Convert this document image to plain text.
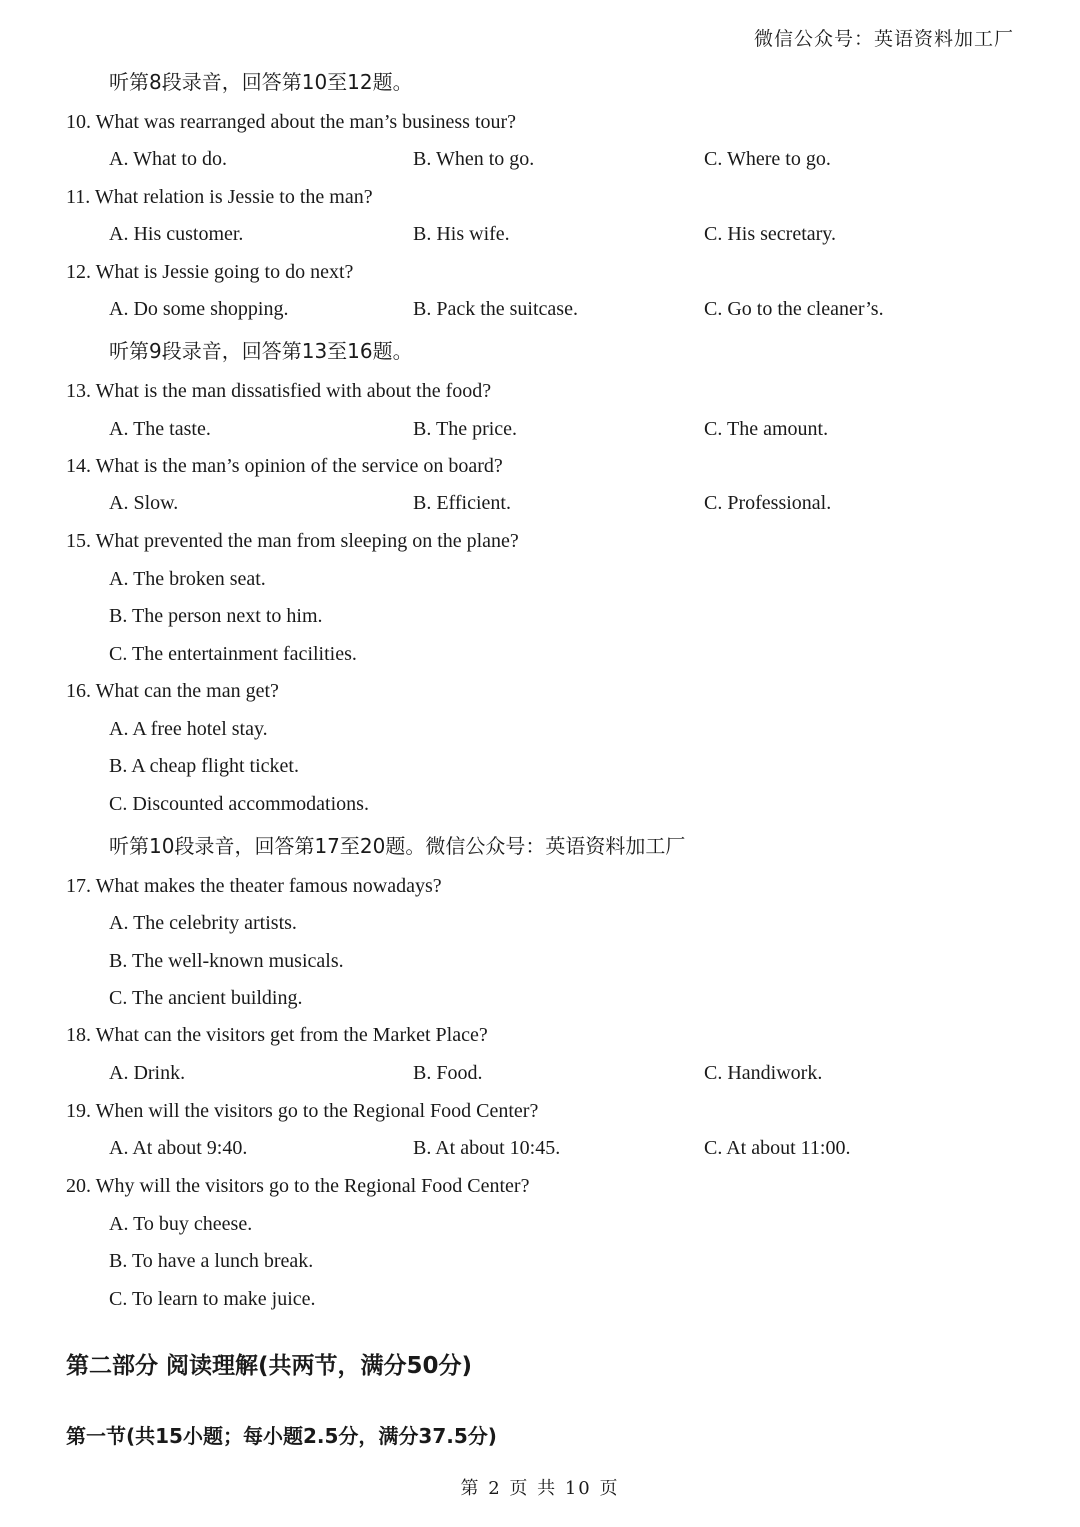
微信公众号：英语资料加工厂
听第8段录音，回答第10至12题。
10. What was rearranged about the man’s business tour?
A. What to do.	B. When to go.	C. Where to go.
11. What relation is Jessie to the man?
A. His customer.	B. His wife.	C. His secretary.
12. What is Jessie going to do next?
A. Do some shopping.	B. Pack the suitcase.	C. Go to the cleaner’s.
听第9段录音，回答第13至16题。
13. What is the man dissatisfied with about the food?
A. The taste.	B. The price.	C. The amount.
14. What is the man’s opinion of the service on board?
A. Slow.	B. Efficient.	C. Professional.
15. What prevented the man from sleeping on the plane?
A. The broken seat.
B. The person next to him.
C. The entertainment facilities.
16. What can the man get?
A. A free hotel stay.
B. A cheap flight ticket.
C. Discounted accommodations.
听第10段录音，回答第17至20题。微信公众号：英语资料加工厂
17. What makes the theater famous nowadays?
A. The celebrity artists.
B. The well-known musicals.
C. The ancient building.
18. What can the visitors get from the Market Place?
A. Drink.	B. Food.	C. Handiwork.
19. When will the visitors go to the Regional Food Center?
A. At about 9:40.	B. At about 10:45.	C. At about 11:00.
20. Why will the visitors go to the Regional Food Center?
A. To buy cheese.
B. To have a lunch break.
C. To learn to make juice.
第二部分 阅读理解(共两节，满分50分)
第一节(共15小题；每小题2.5分，满分37.5分)
第 2 页 共 10 页
